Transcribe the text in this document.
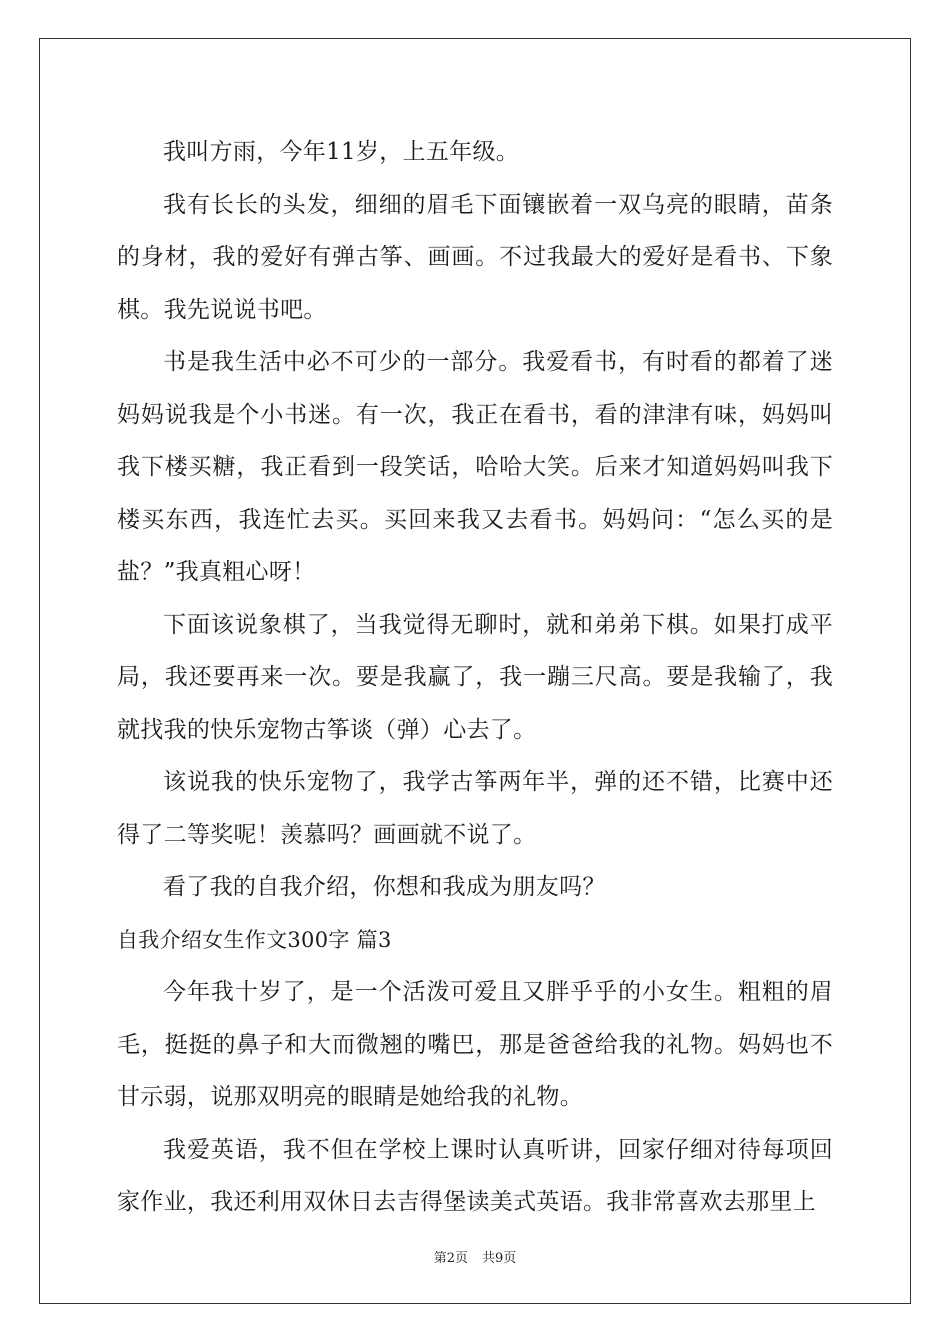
我叫方雨，今年11岁，上五年级。

我有长长的头发，细细的眉毛下面镶嵌着一双乌亮的眼睛，苗条的身材，我的爱好有弹古筝、画画。不过我最大的爱好是看书、下象棋。我先说说书吧。

书是我生活中必不可少的一部分。我爱看书，有时看的都着了迷妈妈说我是个小书迷。有一次，我正在看书，看的津津有味，妈妈叫我下楼买糖，我正看到一段笑话，哈哈大笑。后来才知道妈妈叫我下楼买东西，我连忙去买。买回来我又去看书。妈妈问：“怎么买的是盐？”我真粗心呀！

下面该说象棋了，当我觉得无聊时，就和弟弟下棋。如果打成平局，我还要再来一次。要是我赢了，我一蹦三尺高。要是我输了，我就找我的快乐宠物古筝谈（弹）心去了。

该说我的快乐宠物了，我学古筝两年半，弹的还不错，比赛中还得了二等奖呢！羡慕吗？画画就不说了。

看了我的自我介绍，你想和我成为朋友吗？

自我介绍女生作文300字 篇3

今年我十岁了，是一个活泼可爱且又胖乎乎的小女生。粗粗的眉毛，挺挺的鼻子和大而微翘的嘴巴，那是爸爸给我的礼物。妈妈也不甘示弱，说那双明亮的眼睛是她给我的礼物。

我爱英语，我不但在学校上课时认真听讲，回家仔细对待每项回家作业，我还利用双休日去吉得堡读美式英语。我非常喜欢去那里上

第2页 共9页
